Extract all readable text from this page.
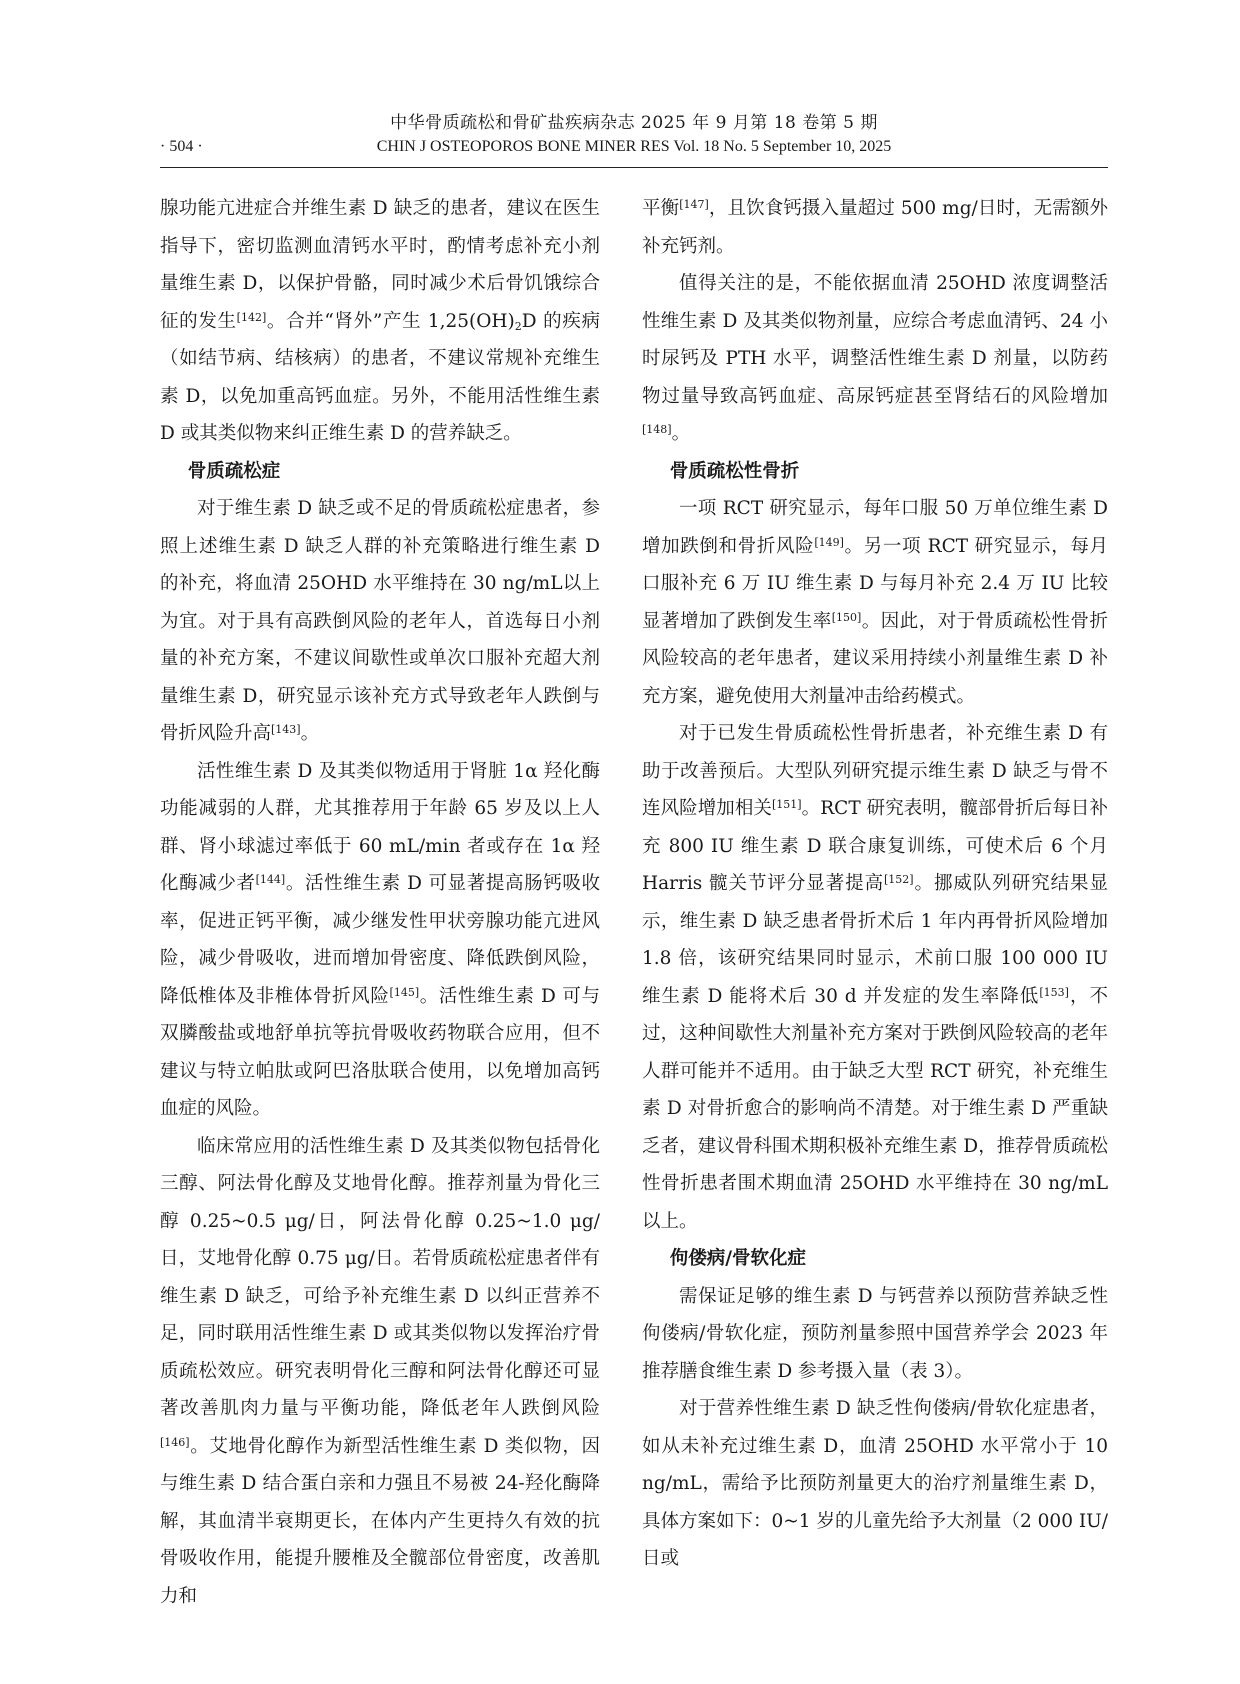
中华骨质疏松和骨矿盐疾病杂志 2025 年 9 月第 18 卷第 5 期
· 504 ·	CHIN J OSTEOPOROS BONE MINER RES Vol. 18 No. 5 September 10, 2025

腺功能亢进症合并维生素 D 缺乏的患者，建议在医生指导下，密切监测血清钙水平时，酌情考虑补充小剂量维生素 D，以保护骨骼，同时减少术后骨饥饿综合征的发生[142]。合并“肾外”产生 $1,25(OH)_2D$ 的疾病（如结节病、结核病）的患者，不建议常规补充维生素 D，以免加重高钙血症。另外，不能用活性维生素 D 或其类似物来纠正维生素 D 的营养缺乏。

骨质疏松症

对于维生素 D 缺乏或不足的骨质疏松症患者，参照上述维生素 D 缺乏人群的补充策略进行维生素 D 的补充，将血清 25OHD 水平维持在 30 ng/mL以上为宜。对于具有高跌倒风险的老年人，首选每日小剂量的补充方案，不建议间歇性或单次口服补充超大剂量维生素 D，研究显示该补充方式导致老年人跌倒与骨折风险升高[143]。

活性维生素 D 及其类似物适用于肾脏 1α 羟化酶功能减弱的人群，尤其推荐用于年龄 65 岁及以上人群、肾小球滤过率低于 60 mL/min 者或存在 1α 羟化酶减少者[144]。活性维生素 D 可显著提高肠钙吸收率，促进正钙平衡，减少继发性甲状旁腺功能亢进风险，减少骨吸收，进而增加骨密度、降低跌倒风险，降低椎体及非椎体骨折风险[145]。活性维生素 D 可与双膦酸盐或地舒单抗等抗骨吸收药物联合应用，但不建议与特立帕肽或阿巴洛肽联合使用，以免增加高钙血症的风险。

临床常应用的活性维生素 D 及其类似物包括骨化三醇、阿法骨化醇及艾地骨化醇。推荐剂量为骨化三醇 0.25~0.5 μg/日，阿法骨化醇 0.25~1.0 μg/日，艾地骨化醇 0.75 μg/日。若骨质疏松症患者伴有维生素 D 缺乏，可给予补充维生素 D 以纠正营养不足，同时联用活性维生素 D 或其类似物以发挥治疗骨质疏松效应。研究表明骨化三醇和阿法骨化醇还可显著改善肌肉力量与平衡功能，降低老年人跌倒风险[146]。艾地骨化醇作为新型活性维生素 D 类似物，因与维生素 D 结合蛋白亲和力强且不易被 24-羟化酶降解，其血清半衰期更长，在体内产生更持久有效的抗骨吸收作用，能提升腰椎及全髋部位骨密度，改善肌力和

平衡[147]，且饮食钙摄入量超过 500 mg/日时，无需额外补充钙剂。

值得关注的是，不能依据血清 25OHD 浓度调整活性维生素 D 及其类似物剂量，应综合考虑血清钙、24 小时尿钙及 PTH 水平，调整活性维生素 D 剂量，以防药物过量导致高钙血症、高尿钙症甚至肾结石的风险增加[148]。

骨质疏松性骨折

一项 RCT 研究显示，每年口服 50 万单位维生素 D 增加跌倒和骨折风险[149]。另一项 RCT 研究显示，每月口服补充 6 万 IU 维生素 D 与每月补充 2.4 万 IU 比较显著增加了跌倒发生率[150]。因此，对于骨质疏松性骨折风险较高的老年患者，建议采用持续小剂量维生素 D 补充方案，避免使用大剂量冲击给药模式。

对于已发生骨质疏松性骨折患者，补充维生素 D 有助于改善预后。大型队列研究提示维生素 D 缺乏与骨不连风险增加相关[151]。RCT 研究表明，髋部骨折后每日补充 800 IU 维生素 D 联合康复训练，可使术后 6 个月 Harris 髋关节评分显著提高[152]。挪威队列研究结果显示，维生素 D 缺乏患者骨折术后 1 年内再骨折风险增加 1.8 倍，该研究结果同时显示，术前口服 100 000 IU 维生素 D 能将术后 30 d 并发症的发生率降低[153]，不过，这种间歇性大剂量补充方案对于跌倒风险较高的老年人群可能并不适用。由于缺乏大型 RCT 研究，补充维生素 D 对骨折愈合的影响尚不清楚。对于维生素 D 严重缺乏者，建议骨科围术期积极补充维生素 D，推荐骨质疏松性骨折患者围术期血清 25OHD 水平维持在 30 ng/mL 以上。

佝偻病/骨软化症

需保证足够的维生素 D 与钙营养以预防营养缺乏性佝偻病/骨软化症，预防剂量参照中国营养学会 2023 年推荐膳食维生素 D 参考摄入量（表 3）。

对于营养性维生素 D 缺乏性佝偻病/骨软化症患者，如从未补充过维生素 D，血清 25OHD 水平常小于 10 ng/mL，需给予比预防剂量更大的治疗剂量维生素 D，具体方案如下：0~1 岁的儿童先给予大剂量（2 000 IU/日或
